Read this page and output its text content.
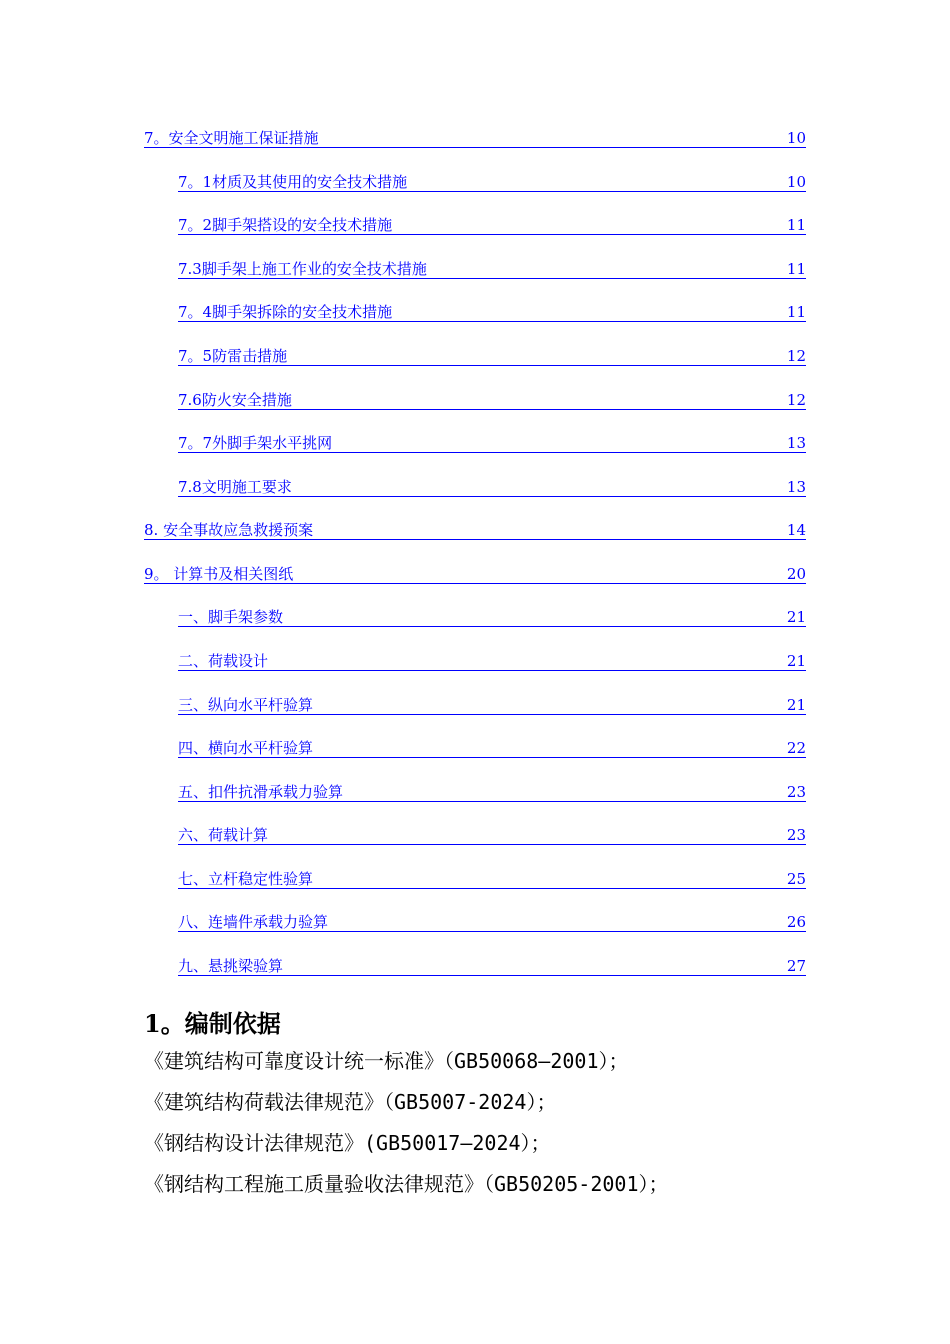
7。安全文明施工保证措施	10
7。1材质及其使用的安全技术措施	10
7。2脚手架搭设的安全技术措施	11
7.3脚手架上施工作业的安全技术措施	11
7。4脚手架拆除的安全技术措施	11
7。5防雷击措施	12
7.6防火安全措施	12
7。7外脚手架水平挑网	13
7.8文明施工要求	13
8. 安全事故应急救援预案	14
9。 计算书及相关图纸	20
一、脚手架参数	21
二、荷载设计	21
三、纵向水平杆验算	21
四、横向水平杆验算	22
五、扣件抗滑承载力验算	23
六、荷载计算	23
七、立杆稳定性验算	25
八、连墙件承载力验算	26
九、悬挑梁验算	27
1。编制依据
《建筑结构可靠度设计统一标准》（GB50068—2001）；
《建筑结构荷载法律规范》（GB5007-2024）；
《钢结构设计法律规范》(GB50017—2024）；
《钢结构工程施工质量验收法律规范》（GB50205-2001）；
